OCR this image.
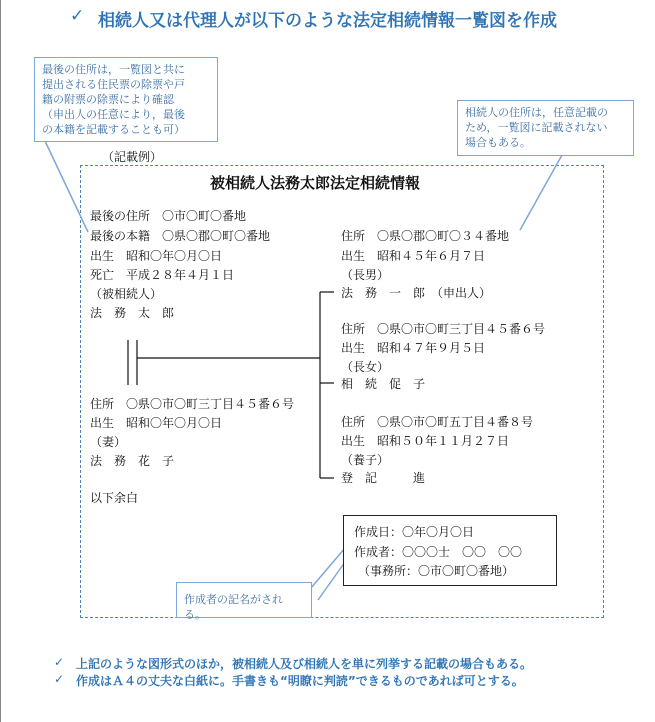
✓ 相続人又は代理人が以下のような法定相続情報一覧図を作成
最後の住所は，一覧図と共に
提出される住民票の除票や戸
籍の附票の除票により確認
（申出人の任意により，最後
の本籍を記載することも可）
相続人の住所は，任意記載の
ため，一覧図に記載されない
場合もある。
（記載例）
被相続人法務太郎法定相続情報
最後の住所　〇市〇町〇番地
最後の本籍　〇県〇郡〇町〇番地
出生　昭和〇年〇月〇日
死亡　平成２８年４月１日
（被相続人）
法　務　太　郎
住所　〇県〇市〇町三丁目４５番６号
出生　昭和〇年〇月〇日
（妻）
法　務　花　子
以下余白
住所　〇県〇郡〇町〇３４番地
出生　昭和４５年６月７日
（長男）
法　務　一　郎　（申出人）
住所　〇県〇市〇町三丁目４５番６号
出生　昭和４７年９月５日
（長女）
相　続　促　子
住所　〇県〇市〇町五丁目４番８号
出生　昭和５０年１１月２７日
（養子）
登　記　　　進
作成日：〇年〇月〇日
作成者：〇〇〇士　〇〇　〇〇
（事務所：〇市〇町〇番地）
作成者の記名がされる。
✓ 上記のような図形式のほか，被相続人及び相続人を単に列挙する記載の場合もある。
✓ 作成はＡ４の丈夫な白紙に。手書きも“明瞭に判読”できるものであれば可とする。
